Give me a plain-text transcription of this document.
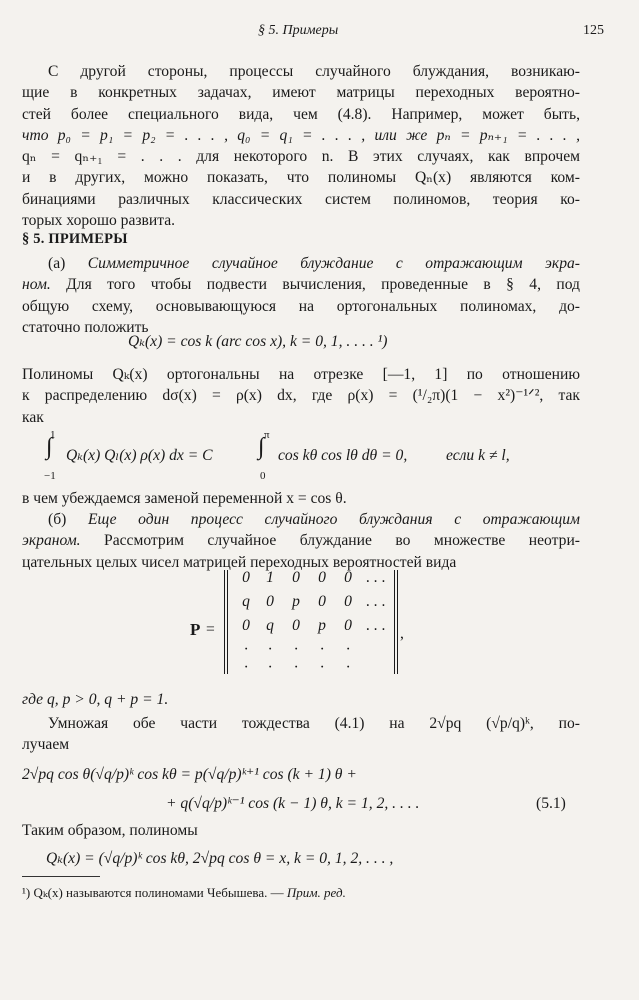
§ 5. Примеры	125
С другой стороны, процессы случайного блуждания, возникаю-
щие в конкретных задачах, имеют матрицы переходных вероятно-
стей более специального вида, чем (4.8). Например, может быть,
что p₀ = p₁ = p₂ = . . . , q₀ = q₁ = . . . , или же pₙ = pₙ₊₁ = . . . ,
qₙ = qₙ₊₁ = . . . для некоторого n. В этих случаях, как впрочем
и в других, можно показать, что полиномы Qₙ(x) являются ком-
бинациями различных классических систем полиномов, теория ко-
торых хорошо развита.
§ 5. ПРИМЕРЫ
(а) Симметричное случайное блуждание с отражающим экра-
ном. Для того чтобы подвести вычисления, проведенные в § 4, под
общую схему, основывающуюся на ортогональных полиномах, до-
статочно положить
Qₖ(x) = cos k (arc cos x), k = 0, 1, . . . . ¹)
Полиномы Qₖ(x) ортогональны на отрезке [—1, 1] по отношению
к распределению dσ(x) = ρ(x) dx, где ρ(x) = (¹/₂π)(1 − x²)⁻¹ᐟ², так
как
1
∫
−1
Qₖ(x) Qₗ(x) ρ(x) dx = C
π
∫
0
cos kθ cos lθ dθ = 0, если k ≠ l,
в чем убеждаемся заменой переменной x = cos θ.
(б) Еще один процесс случайного блуждания с отражающим
экраном. Рассмотрим случайное блуждание во множестве неотри-
цательных целых чисел матрицей переходных вероятностей вида
P =
0	1	0	0	0 . . .
q	0	p	0	0 . . .
0	q	0	p	0 . . .
·	·	·	·	·
·	·	·	·	·
,
где q, p > 0, q + p = 1.
Умножая обе части тождества (4.1) на 2√pq (√p/q)ᵏ, по-
лучаем
2√pq cos θ(√q/p)ᵏ cos kθ = p(√q/p)ᵏ⁺¹ cos (k + 1) θ +
+ q(√q/p)ᵏ⁻¹ cos (k − 1) θ, k = 1, 2, . . . .	(5.1)
Таким образом, полиномы
Qₖ(x) = (√q/p)ᵏ cos kθ, 2√pq cos θ = x, k = 0, 1, 2, . . . ,
¹) Qₖ(x) называются полиномами Чебышева. — Прим. ред.
